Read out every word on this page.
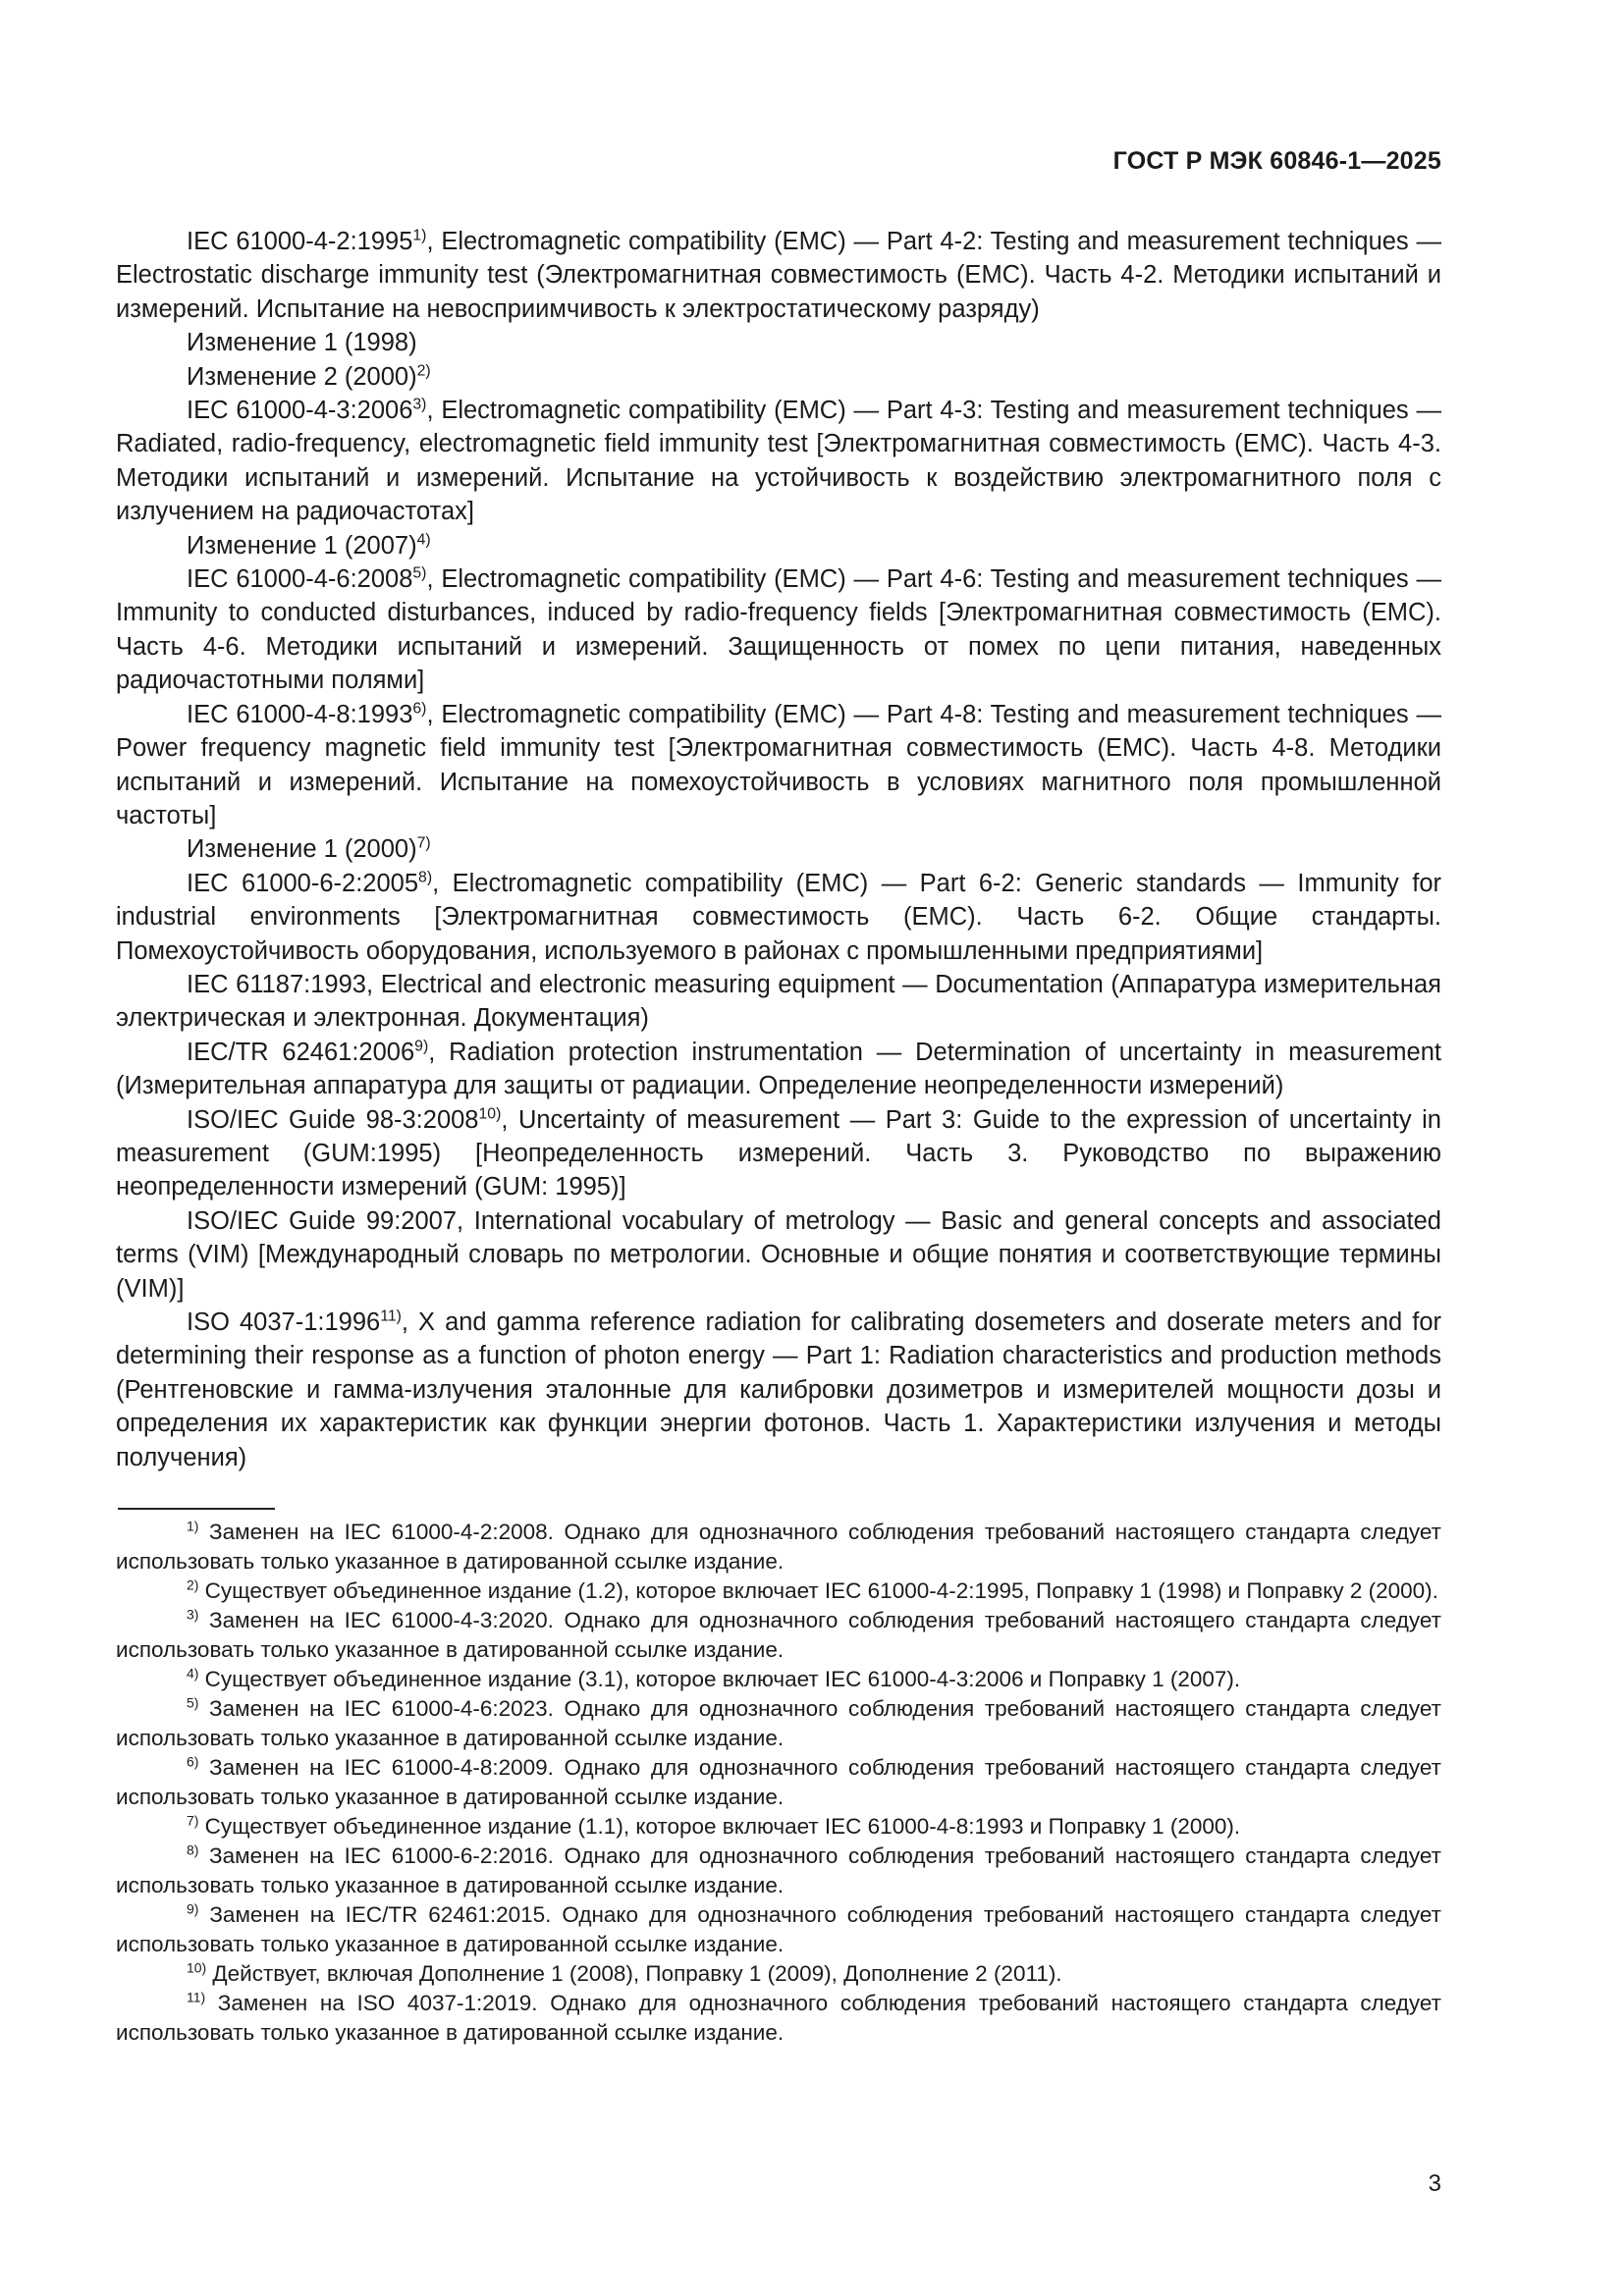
ГОСТ Р МЭК 60846-1—2025

IEC 61000-4-2:1995$^{1)}$, Electromagnetic compatibility (EMC) — Part 4-2: Testing and measurement techniques — Electrostatic discharge immunity test (Электромагнитная совместимость (ЕМС). Часть 4-2. Методики испытаний и измерений. Испытание на невосприимчивость к электростатическому разряду)

Изменение 1 (1998)

Изменение 2 $(2000)^{2)}$

IEC 61000-4-3:2006$^{3)}$, Electromagnetic compatibility (EMC) — Part 4-3: Testing and measurement techniques — Radiated, radio-frequency, electromagnetic field immunity test [Электромагнитная совместимость (ЕМС). Часть 4-3. Методики испытаний и измерений. Испытание на устойчивость к воздействию электромагнитного поля с излучением на радиочастотах]

Изменение 1 $(2007)^{4)}$

IEC 61000-4-6:2008$^{5)}$, Electromagnetic compatibility (EMC) — Part 4-6: Testing and measurement techniques — Immunity to conducted disturbances, induced by radio-frequency fields [Электромагнитная совместимость (ЕМС). Часть 4-6. Методики испытаний и измерений. Защищенность от помех по цепи питания, наведенных радиочастотными полями]

IEC 61000-4-8:1993$^{6)}$, Electromagnetic compatibility (EMC) — Part 4-8: Testing and measurement techniques — Power frequency magnetic field immunity test [Электромагнитная совместимость (ЕМС). Часть 4-8. Методики испытаний и измерений. Испытание на помехоустойчивость в условиях магнитного поля промышленной частоты]

Изменение 1 $(2000)^{7)}$

IEC 61000-6-2:2005$^{8)}$, Electromagnetic compatibility (EMC) — Part 6-2: Generic standards — Immunity for industrial environments [Электромагнитная совместимость (ЕМС). Часть 6-2. Общие стандарты. Помехоустойчивость оборудования, используемого в районах с промышленными предприятиями]

IEC 61187:1993, Electrical and electronic measuring equipment — Documentation (Аппаратура измерительная электрическая и электронная. Документация)

IEC/TR 62461:2006$^{9)}$, Radiation protection instrumentation — Determination of uncertainty in measurement (Измерительная аппаратура для защиты от радиации. Определение неопределенности измерений)

ISO/IEC Guide 98-3:2008$^{10)}$, Uncertainty of measurement — Part 3: Guide to the expression of uncertainty in measurement (GUM:1995) [Неопределенность измерений. Часть 3. Руководство по выражению неопределенности измерений (GUM: 1995)]

ISO/IEC Guide 99:2007, International vocabulary of metrology — Basic and general concepts and associated terms (VIM) [Международный словарь по метрологии. Основные и общие понятия и соответствующие термины (VIM)]

ISO 4037-1:1996$^{11)}$, X and gamma reference radiation for calibrating dosemeters and doserate meters and for determining their response as a function of photon energy — Part 1: Radiation characteristics and production methods (Рентгеновские и гамма-излучения эталонные для калибровки дозиметров и измерителей мощности дозы и определения их характеристик как функции энергии фотонов. Часть 1. Характеристики излучения и методы получения)

$^{1)}$ Заменен на IEC 61000-4-2:2008. Однако для однозначного соблюдения требований настоящего стандарта следует использовать только указанное в датированной ссылке издание.

$^{2)}$ Существует объединенное издание (1.2), которое включает IEC 61000-4-2:1995, Поправку 1 (1998) и Поправку 2 (2000).

$^{3)}$ Заменен на IEC 61000-4-3:2020. Однако для однозначного соблюдения требований настоящего стандарта следует использовать только указанное в датированной ссылке издание.

$^{4)}$ Существует объединенное издание (3.1), которое включает IEC 61000-4-3:2006 и Поправку 1 (2007).

$^{5)}$ Заменен на IEC 61000-4-6:2023. Однако для однозначного соблюдения требований настоящего стандарта следует использовать только указанное в датированной ссылке издание.

$^{6)}$ Заменен на IEC 61000-4-8:2009. Однако для однозначного соблюдения требований настоящего стандарта следует использовать только указанное в датированной ссылке издание.

$^{7)}$ Существует объединенное издание (1.1), которое включает IEC 61000-4-8:1993 и Поправку 1 (2000).

$^{8)}$ Заменен на IEC 61000-6-2:2016. Однако для однозначного соблюдения требований настоящего стандарта следует использовать только указанное в датированной ссылке издание.

$^{9)}$ Заменен на IEC/TR 62461:2015. Однако для однозначного соблюдения требований настоящего стандарта следует использовать только указанное в датированной ссылке издание.

$^{10)}$ Действует, включая Дополнение 1 (2008), Поправку 1 (2009), Дополнение 2 (2011).

$^{11)}$ Заменен на ISO 4037-1:2019. Однако для однозначного соблюдения требований настоящего стандарта следует использовать только указанное в датированной ссылке издание.

3
